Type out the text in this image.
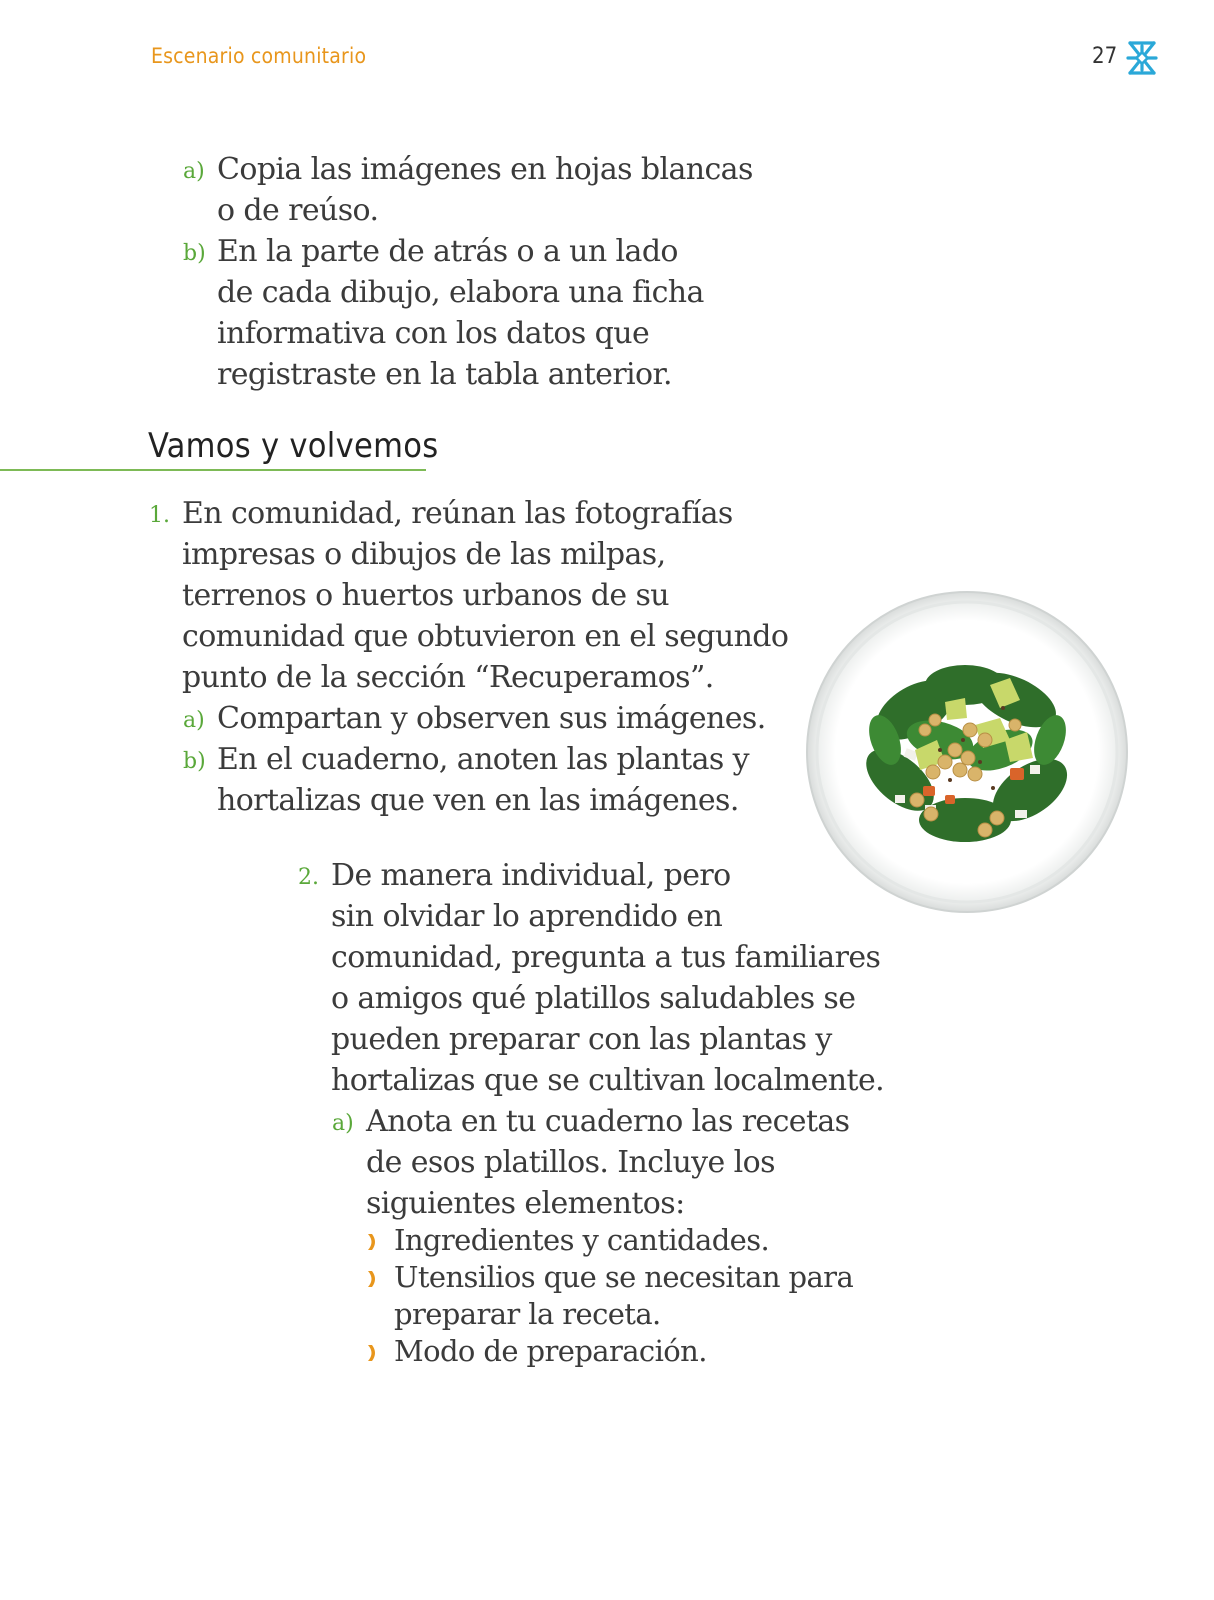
Escenario comunitario	27
a) Copia las imágenes en hojas blancas
o de reúso.
b) En la parte de atrás o a un lado
de cada dibujo, elabora una ficha
informativa con los datos que
registraste en la tabla anterior.
Vamos y volvemos
1. En comunidad, reúnan las fotografías
impresas o dibujos de las milpas,
terrenos o huertos urbanos de su
comunidad que obtuvieron en el segundo
punto de la sección “Recuperamos”.
a) Compartan y observen sus imágenes.
b) En el cuaderno, anoten las plantas y
hortalizas que ven en las imágenes.
2. De manera individual, pero
sin olvidar lo aprendido en
comunidad, pregunta a tus familiares
o amigos qué platillos saludables se
pueden preparar con las plantas y
hortalizas que se cultivan localmente.
a) Anota en tu cuaderno las recetas
de esos platillos. Incluye los
siguientes elementos:
Ingredientes y cantidades.
Utensilios que se necesitan para
preparar la receta.
Modo de preparación.
